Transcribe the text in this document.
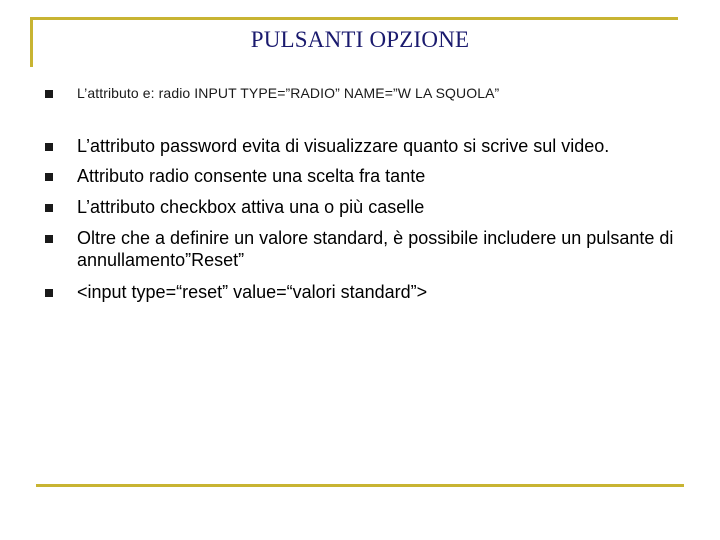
PULSANTI OPZIONE
L’attributo e: radio INPUT TYPE=”RADIO” NAME=”W LA SQUOLA”
L’attributo password evita di visualizzare quanto si scrive sul video.
Attributo radio consente una scelta fra tante
L’attributo checkbox attiva una o più caselle
Oltre che a definire un valore standard, è possibile includere un pulsante di annullamento”Reset”
<input type=“reset” value=“valori standard”>
